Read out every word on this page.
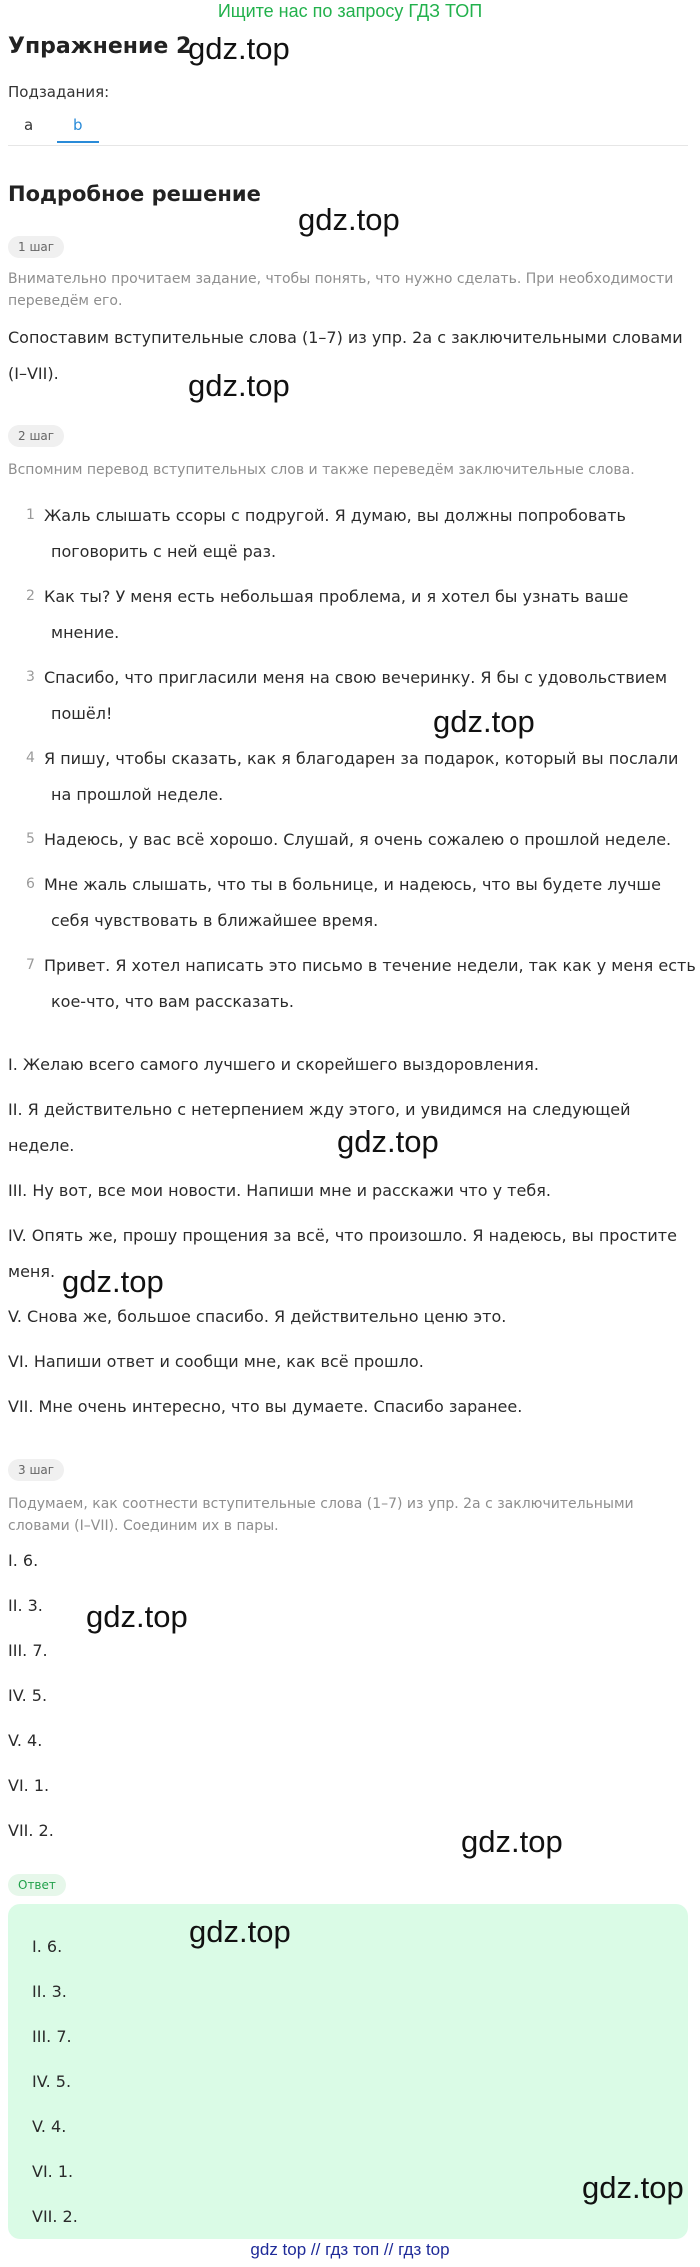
Ищите нас по запросу ГДЗ ТОП
Упражнение 2
gdz.top
Подзадания:
a	b
Подробное решение
gdz.top
1 шаг
Внимательно прочитаем задание, чтобы понять, что нужно сделать. При необходимости
переведём его.
Сопоставим вступительные слова (1–7) из упр. 2a с заключительными словами
(I–VII).	gdz.top
2 шаг
Вспомним перевод вступительных слов и также переведём заключительные слова.
1 Жаль слышать ссоры с подругой. Я думаю, вы должны попробовать
поговорить с ней ещё раз.
2 Как ты? У меня есть небольшая проблема, и я хотел бы узнать ваше
мнение.
3 Спасибо, что пригласили меня на свою вечеринку. Я бы с удовольствием
пошёл!	gdz.top
4 Я пишу, чтобы сказать, как я благодарен за подарок, который вы послали
на прошлой неделе.
5 Надеюсь, у вас всё хорошо. Слушай, я очень сожалею о прошлой неделе.
6 Мне жаль слышать, что ты в больнице, и надеюсь, что вы будете лучше
себя чувствовать в ближайшее время.
7 Привет. Я хотел написать это письмо в течение недели, так как у меня есть
кое-что, что вам рассказать.
I. Желаю всего самого лучшего и скорейшего выздоровления.
II. Я действительно с нетерпением жду этого, и увидимся на следующей
неделе.	gdz.top
III. Ну вот, все мои новости. Напиши мне и расскажи что у тебя.
IV. Опять же, прошу прощения за всё, что произошло. Я надеюсь, вы простите
меня. gdz.top
V. Снова же, большое спасибо. Я действительно ценю это.
VI. Напиши ответ и сообщи мне, как всё прошло.
VII. Мне очень интересно, что вы думаете. Спасибо заранее.
3 шаг
Подумаем, как соотнести вступительные слова (1–7) из упр. 2a с заключительными
словами (I–VII). Соединим их в пары.
I. 6.
II. 3. gdz.top
III. 7.
IV. 5.
V. 4.
VI. 1.
VII. 2.	gdz.top
Ответ
gdz.top
I. 6.
II. 3.
III. 7.
IV. 5.
V. 4.
VI. 1.
VII. 2.
gdz.top
gdz top // гдз топ // гдз top
